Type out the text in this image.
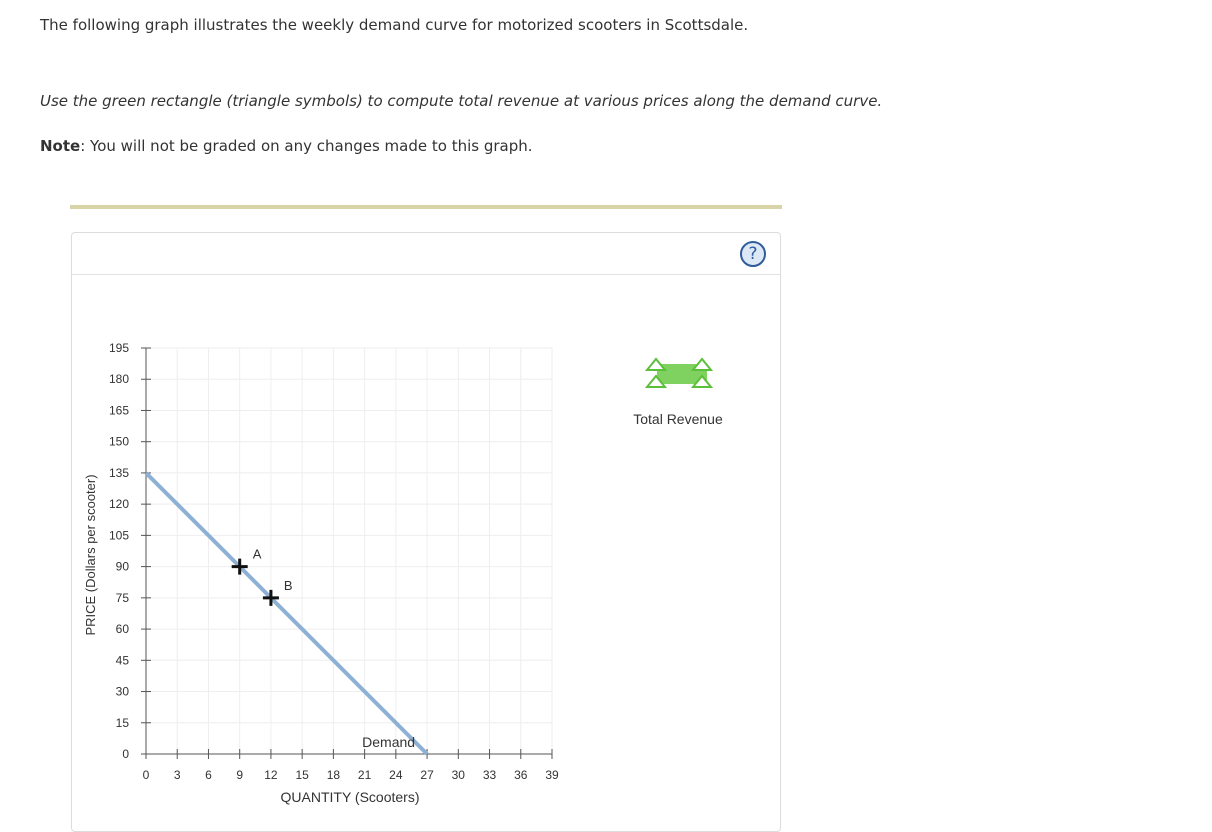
The following graph illustrates the weekly demand curve for motorized scooters in Scottsdale.

Use the green rectangle (triangle symbols) to compute total revenue at various prices along the demand curve.

Note: You will not be graded on any changes made to this graph.

?
0 3 6 9 12 15 18 21 24 27 30 33 36 39
0
15
30
45
60
75
90
105
120
135
150
165
180
195
Demand
A
B
QUANTITY (Scooters)
PRICE (Dollars per scooter)
Total Revenue
